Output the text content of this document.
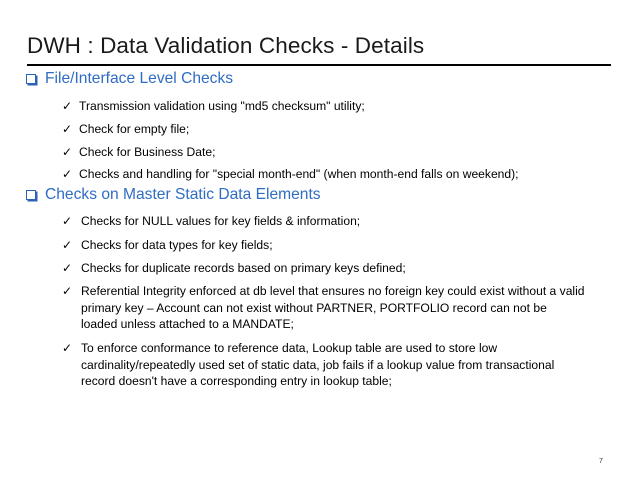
DWH : Data Validation Checks - Details
File/Interface Level Checks
✓ Transmission validation using "md5 checksum" utility;
✓ Check for empty file;
✓ Check for Business Date;
✓ Checks and handling for "special month-end" (when month-end falls on weekend);
Checks on Master Static Data Elements
✓ Checks for NULL values for key fields & information;
✓ Checks for data types for key fields;
✓ Checks for duplicate records based on primary keys defined;
✓ Referential Integrity enforced at db level that ensures no foreign key could exist without a valid
primary key – Account can not exist without PARTNER, PORTFOLIO record can not be
loaded unless attached to a MANDATE;
✓ To enforce conformance to reference data, Lookup table are used to store low
cardinality/repeatedly used set of static data, job fails if a lookup value from transactional
record doesn't have a corresponding entry in lookup table;
7
